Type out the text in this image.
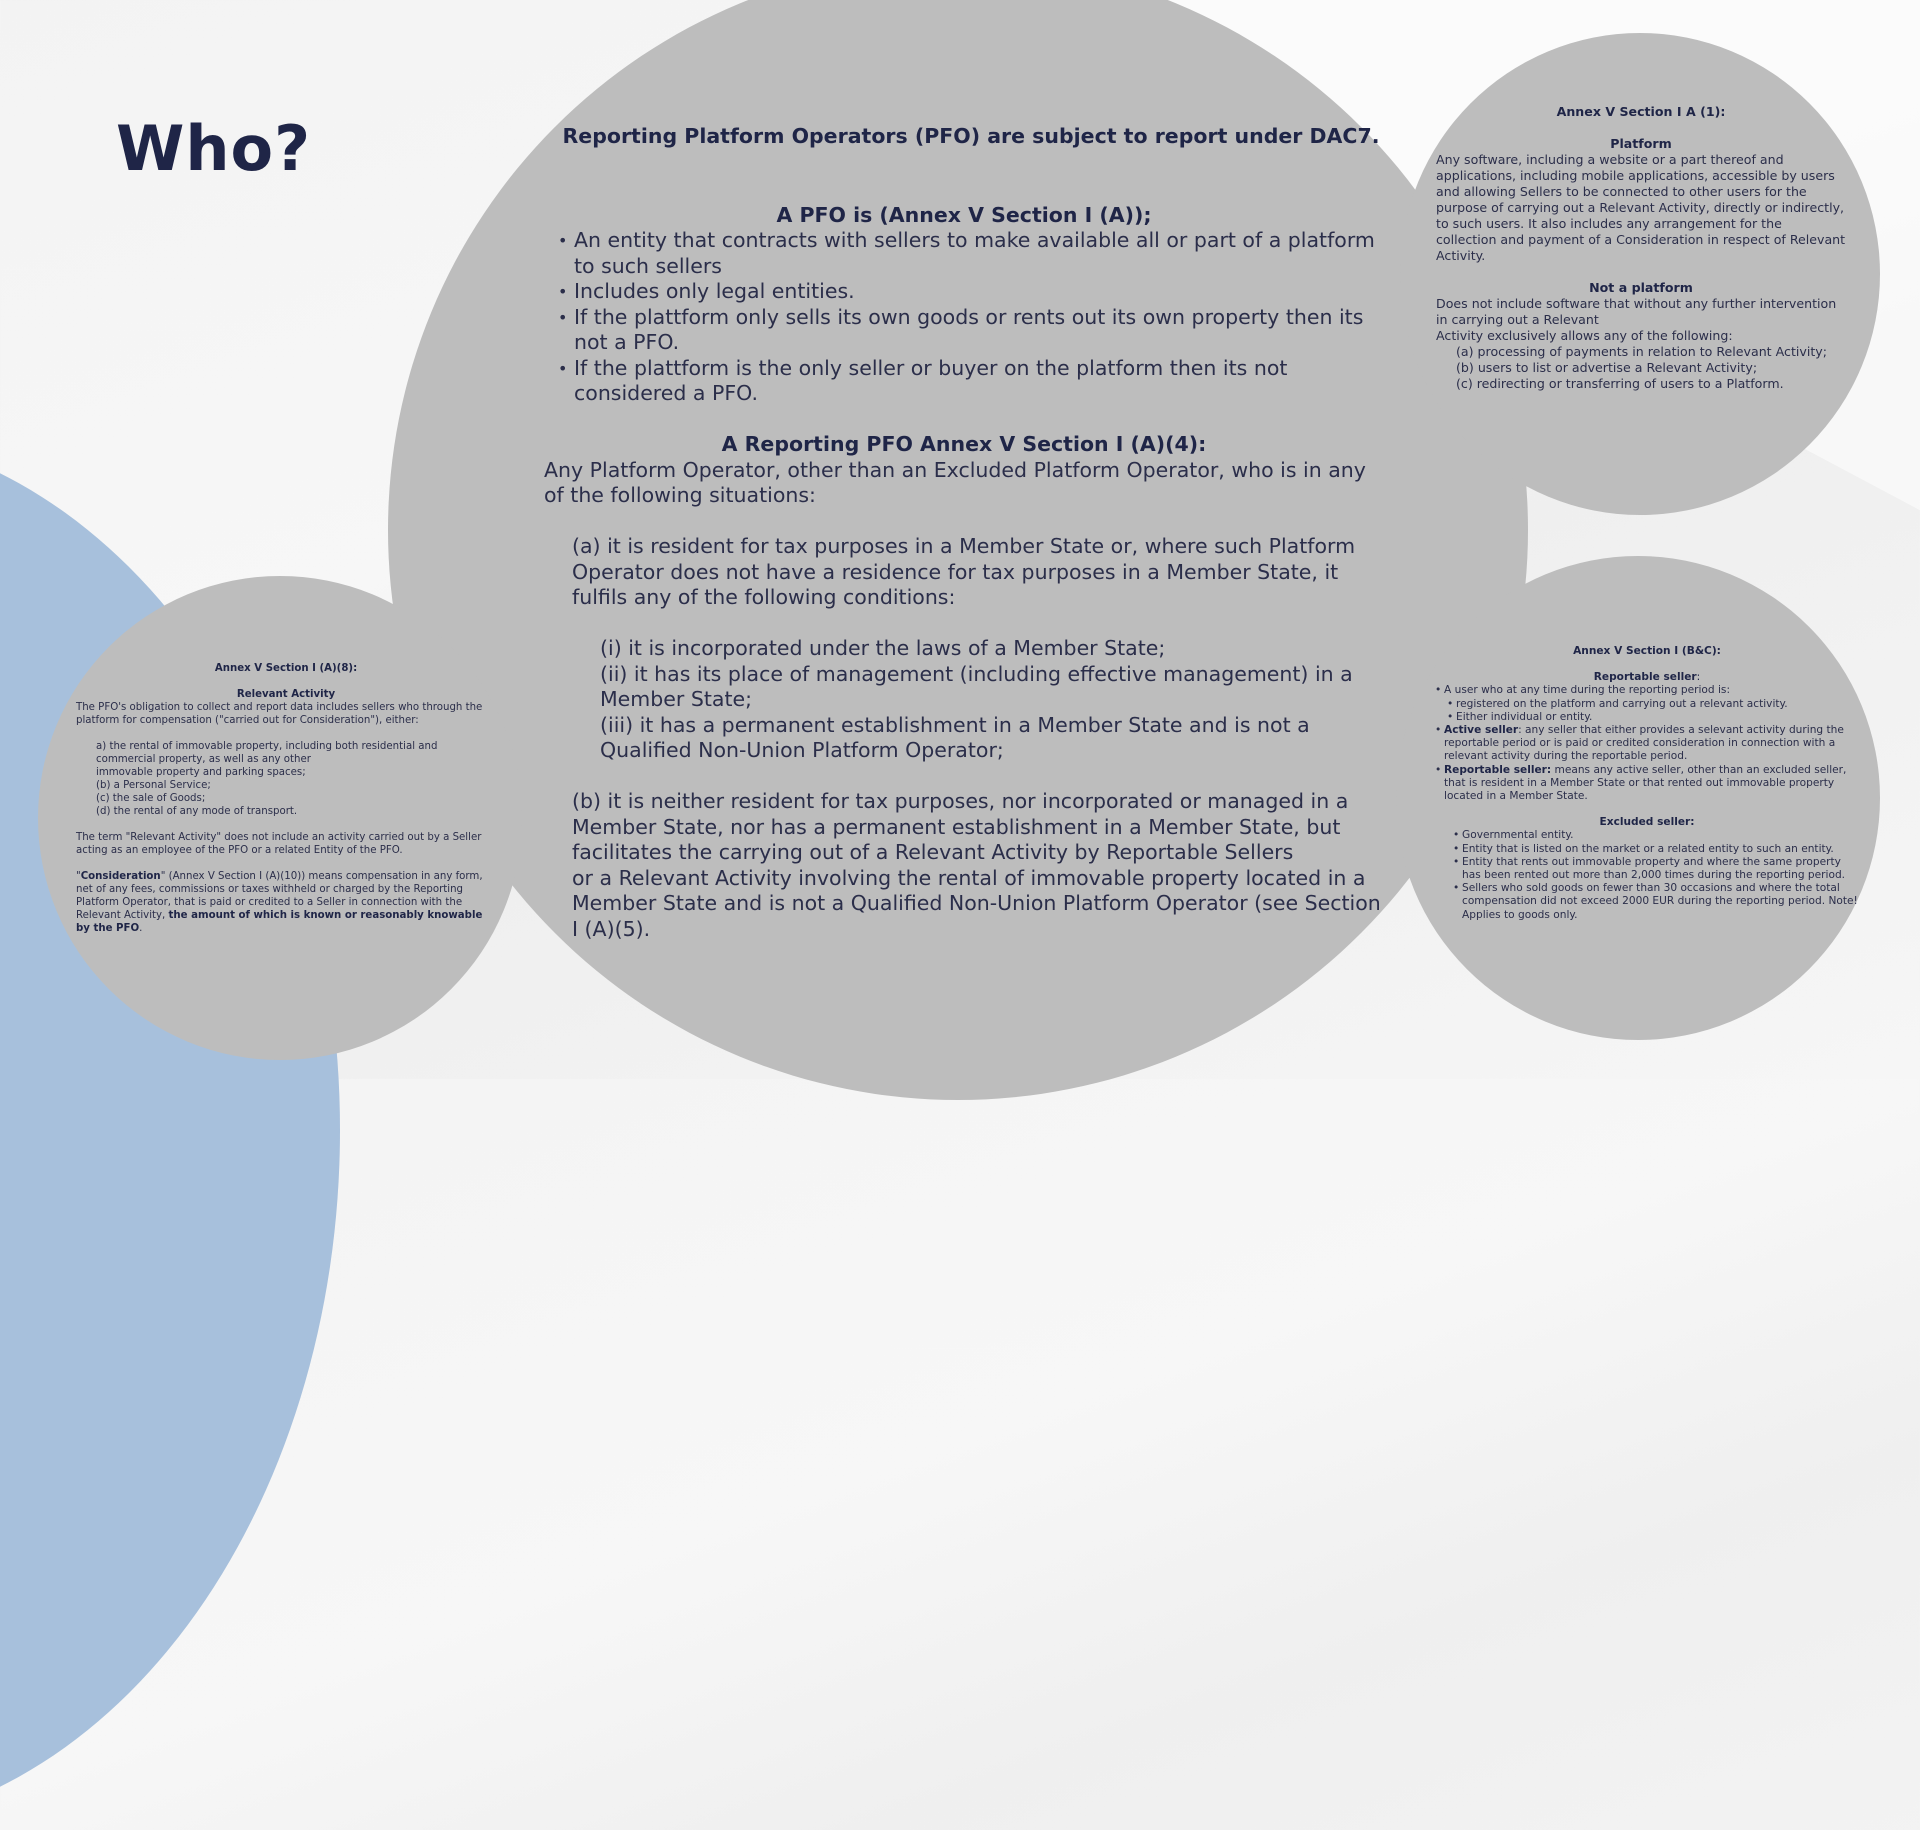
Who?	Reporting Platform Operators (PFO) are subject to report under DAC7.
A PFO is (Annex V Section I (A));
• An entity that contracts with sellers to make available all or part of a platform to such sellers
• Includes only legal entities.
• If the plattform only sells its own goods or rents out its own property then its not a PFO.
• If the plattform is the only seller or buyer on the platform then its not considered a PFO.
A Reporting PFO Annex V Section I (A)(4):

Any Platform Operator, other than an Excluded Platform Operator, who is in any of the following situations:

(a) it is resident for tax purposes in a Member State or, where such Platform Operator does not have a residence for tax purposes in a Member State, it fulfils any of the following conditions:

(i) it is incorporated under the laws of a Member State;

(ii) it has its place of management (including effective management) in a Member State;

(iii) it has a permanent establishment in a Member State and is not a Qualified Non-Union Platform Operator;

(b) it is neither resident for tax purposes, nor incorporated or managed in a Member State, nor has a permanent establishment in a Member State, but facilitates the carrying out of a Relevant Activity by Reportable Sellers

or a Relevant Activity involving the rental of immovable property located in a Member State and is not a Qualified Non-Union Platform Operator (see Section I (A)(5).

Annex V Section I A (1):
Platform

Any software, including a website or a part thereof and applications, including mobile applications, accessible by users and allowing Sellers to be connected to other users for the purpose of carrying out a Relevant Activity, directly or indirectly, to such users. It also includes any arrangement for the collection and payment of a Consideration in respect of Relevant Activity.

Not a platform

Does not include software that without any further intervention in carrying out a Relevant

Activity exclusively allows any of the following:

(a) processing of payments in relation to Relevant Activity;

(b) users to list or advertise a Relevant Activity;

(c) redirecting or transferring of users to a Platform.

Annex V Section I (B&C):
Reportable seller:
• A user who at any time during the reporting period is:
• registered on the platform and carrying out a relevant activity.
• Either individual or entity.
• Active seller: any seller that either provides a selevant activity during the reportable period or is paid or credited consideration in connection with a relevant activity during the reportable period.
• Reportable seller: means any active seller, other than an excluded seller, that is resident in a Member State or that rented out immovable property located in a Member State.
Excluded seller:
• Governmental entity.
• Entity that is listed on the market or a related entity to such an entity.
• Entity that rents out immovable property and where the same property has been rented out more than 2,000 times during the reporting period.
• Sellers who sold goods on fewer than 30 occasions and where the total compensation did not exceed 2000 EUR during the reporting period. Note! Applies to goods only.
Annex V Section I (A)(8):
Relevant Activity

The PFO's obligation to collect and report data includes sellers who through the platform for compensation ("carried out for Consideration"), either:

a) the rental of immovable property, including both residential and commercial property, as well as any other

immovable property and parking spaces;

(b) a Personal Service;

(c) the sale of Goods;

(d) the rental of any mode of transport.

The term "Relevant Activity" does not include an activity carried out by a Seller acting as an employee of the PFO or a related Entity of the PFO.

"Consideration" (Annex V Section I (A)(10)) means compensation in any form, net of any fees, commissions or taxes withheld or charged by the Reporting Platform Operator, that is paid or credited to a Seller in connection with the Relevant Activity, the amount of which is known or reasonably knowable by the PFO.
